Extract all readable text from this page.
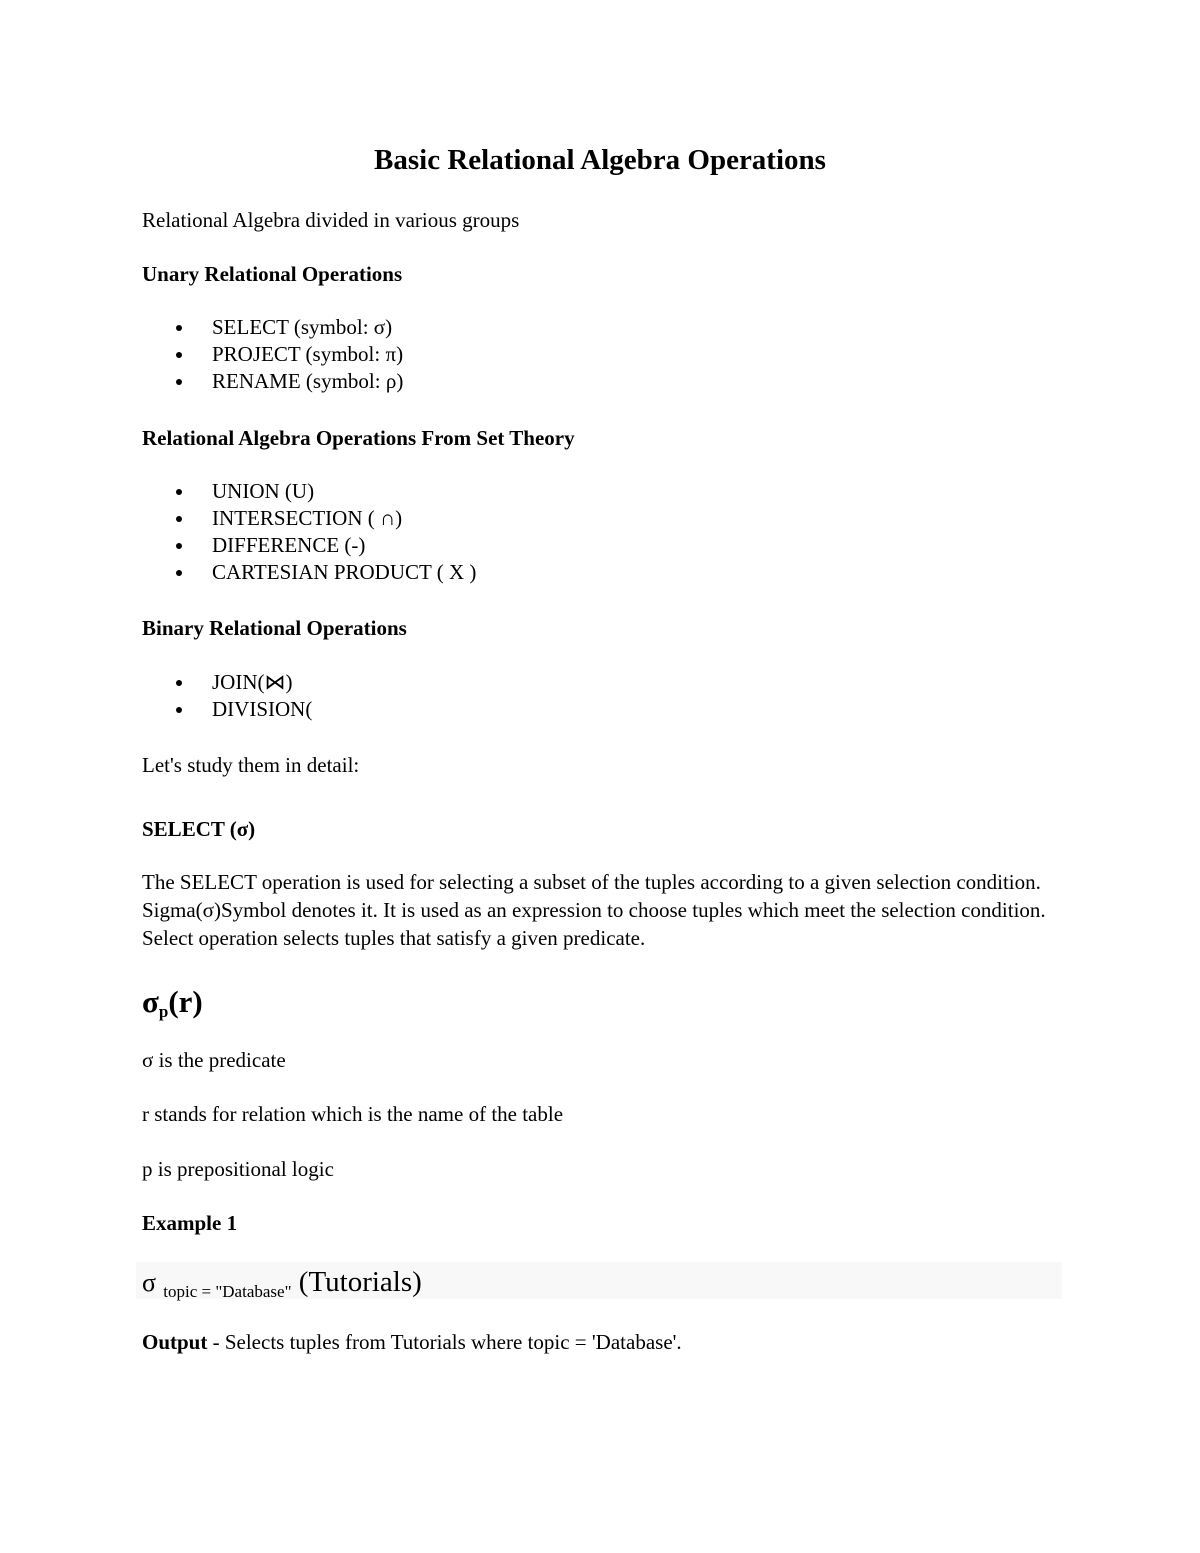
Basic Relational Algebra Operations

Relational Algebra divided in various groups

Unary Relational Operations

SELECT (symbol: σ)
PROJECT (symbol: π)
RENAME (symbol: ρ)

Relational Algebra Operations From Set Theory

UNION (U)
INTERSECTION ( ∩)
DIFFERENCE (-)
CARTESIAN PRODUCT ( X )

Binary Relational Operations

JOIN(⋈)
DIVISION(

Let's study them in detail:

SELECT (σ)

The SELECT operation is used for selecting a subset of the tuples according to a given selection condition. Sigma(σ)Symbol denotes it. It is used as an expression to choose tuples which meet the selection condition. Select operation selects tuples that satisfy a given predicate.

$\sigma_p(r)$

σ is the predicate

r stands for relation which is the name of the table

p is prepositional logic

Example 1

σ $_{topic = "Database"}$ (Tutorials)

Output - Selects tuples from Tutorials where topic = 'Database'.
